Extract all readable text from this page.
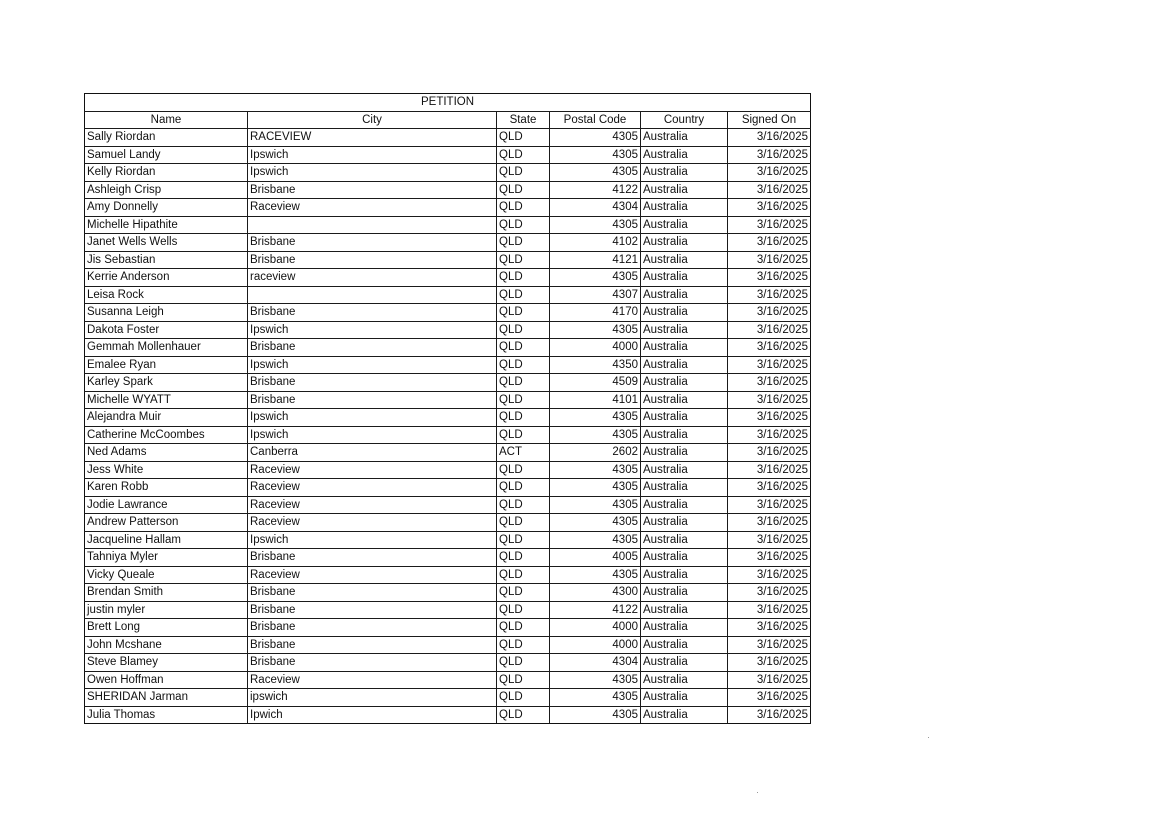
PETITION					
Name	City	State	Postal Code	Country	Signed On
Sally Riordan	RACEVIEW	QLD	4305	Australia	3/16/2025
Samuel Landy	Ipswich	QLD	4305	Australia	3/16/2025
Kelly Riordan	Ipswich	QLD	4305	Australia	3/16/2025
Ashleigh Crisp	Brisbane	QLD	4122	Australia	3/16/2025
Amy Donnelly	Raceview	QLD	4304	Australia	3/16/2025
Michelle Hipathite		QLD	4305	Australia	3/16/2025
Janet Wells Wells	Brisbane	QLD	4102	Australia	3/16/2025
Jis Sebastian	Brisbane	QLD	4121	Australia	3/16/2025
Kerrie Anderson	raceview	QLD	4305	Australia	3/16/2025
Leisa Rock		QLD	4307	Australia	3/16/2025
Susanna Leigh	Brisbane	QLD	4170	Australia	3/16/2025
Dakota Foster	Ipswich	QLD	4305	Australia	3/16/2025
Gemmah Mollenhauer	Brisbane	QLD	4000	Australia	3/16/2025
Emalee Ryan	Ipswich	QLD	4350	Australia	3/16/2025
Karley Spark	Brisbane	QLD	4509	Australia	3/16/2025
Michelle WYATT	Brisbane	QLD	4101	Australia	3/16/2025
Alejandra Muir	Ipswich	QLD	4305	Australia	3/16/2025
Catherine McCoombes	Ipswich	QLD	4305	Australia	3/16/2025
Ned Adams	Canberra	ACT	2602	Australia	3/16/2025
Jess White	Raceview	QLD	4305	Australia	3/16/2025
Karen Robb	Raceview	QLD	4305	Australia	3/16/2025
Jodie Lawrance	Raceview	QLD	4305	Australia	3/16/2025
Andrew Patterson	Raceview	QLD	4305	Australia	3/16/2025
Jacqueline Hallam	Ipswich	QLD	4305	Australia	3/16/2025
Tahniya Myler	Brisbane	QLD	4005	Australia	3/16/2025
Vicky Queale	Raceview	QLD	4305	Australia	3/16/2025
Brendan Smith	Brisbane	QLD	4300	Australia	3/16/2025
justin myler	Brisbane	QLD	4122	Australia	3/16/2025
Brett Long	Brisbane	QLD	4000	Australia	3/16/2025
John Mcshane	Brisbane	QLD	4000	Australia	3/16/2025
Steve Blamey	Brisbane	QLD	4304	Australia	3/16/2025
Owen Hoffman	Raceview	QLD	4305	Australia	3/16/2025
SHERIDAN Jarman	ipswich	QLD	4305	Australia	3/16/2025
Julia Thomas	Ipwich	QLD	4305	Australia	3/16/2025
